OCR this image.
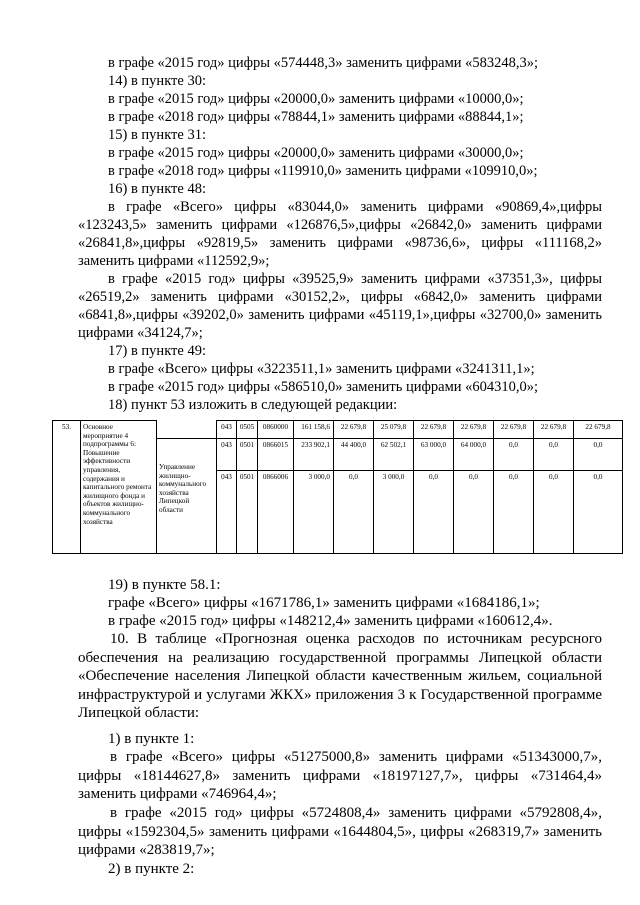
в графе «2015 год» цифры «574448,3» заменить цифрами «583248,3»;
14) в пункте 30:
в графе «2015 год» цифры «20000,0» заменить цифрами «10000,0»;
в графе «2018 год» цифры «78844,1» заменить цифрами «88844,1»;
15) в пункте 31:
в графе «2015 год» цифры «20000,0» заменить цифрами «30000,0»;
в графе «2018 год» цифры «119910,0» заменить цифрами «109910,0»;
16) в пункте 48:
в графе «Всего» цифры «83044,0» заменить цифрами «90869,4»,цифры «123243,5» заменить цифрами «126876,5»,цифры «26842,0» заменить цифрами «26841,8»,цифры «92819,5» заменить цифрами «98736,6», цифры «111168,2» заменить цифрами «112592,9»;
в графе «2015 год» цифры «39525,9» заменить цифрами «37351,3», цифры «26519,2» заменить цифрами «30152,2», цифры «6842,0» заменить цифрами «6841,8»,цифры «39202,0» заменить цифрами «45119,1»,цифры «32700,0» заменить цифрами «34124,7»;
17) в пункте 49:
в графе «Всего» цифры «3223511,1» заменить цифрами «3241311,1»;
в графе «2015 год» цифры «586510,0» заменить цифрами «604310,0»;
18) пункт 53 изложить в следующей редакции:
53.	Основное мероприятие 4 подпрограммы 6: Повышение эффективности управления, содержания и капитального ремонта жилищного фонда и объектов жилищно-коммунального хозяйства		043	0505	0860000	161 158,6	22 679,8	25 079,8	22 679,8	22 679,8	22 679,8	22 679,8	22 679,8
		Управление жилищно-коммунального хозяйства Липецкой области	043	0501	0866015	233 902,1	44 400,0	62 502,1	63 000,0	64 000,0	0,0	0,0	0,0
			043	0501	0866006	3 000,0	0,0	3 000,0	0,0	0,0	0,0	0,0	0,0
19) в пункте 58.1:
графе «Всего» цифры «1671786,1» заменить цифрами «1684186,1»;
в графе «2015 год» цифры «148212,4» заменить цифрами «160612,4».
10. В таблице «Прогнозная оценка расходов по источникам ресурсного обеспечения на реализацию государственной программы Липецкой области «Обеспечение населения Липецкой области качественным жильем, социальной инфраструктурой и услугами ЖКХ» приложения 3 к Государственной программе Липецкой области:
1) в пункте 1:
в графе «Всего» цифры «51275000,8» заменить цифрами «51343000,7», цифры «18144627,8» заменить цифрами «18197127,7», цифры «731464,4» заменить цифрами «746964,4»;
в графе «2015 год» цифры «5724808,4» заменить цифрами «5792808,4», цифры «1592304,5» заменить цифрами «1644804,5», цифры «268319,7» заменить цифрами «283819,7»;
2) в пункте 2:
